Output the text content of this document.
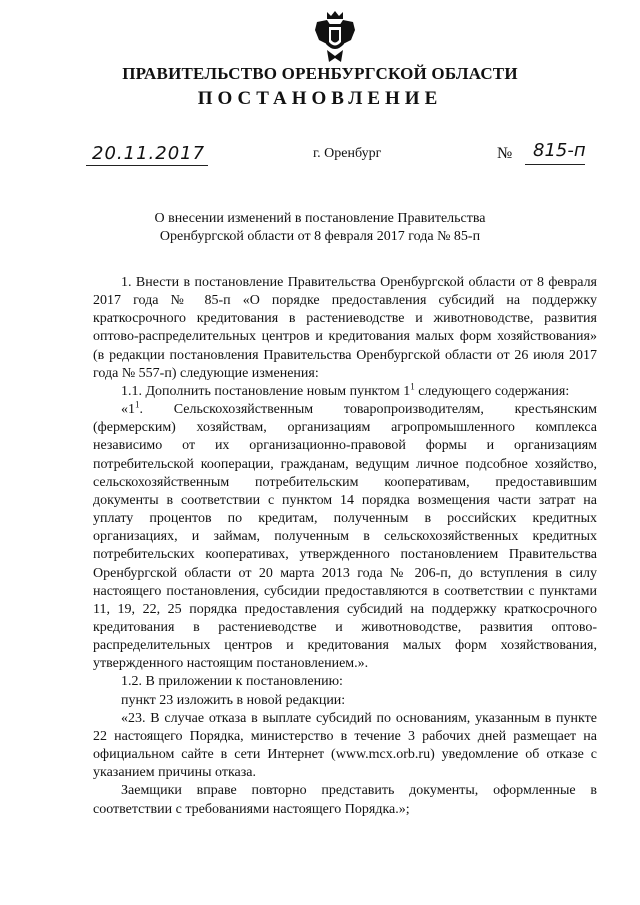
ПРАВИТЕЛЬСТВО ОРЕНБУРГСКОЙ ОБЛАСТИ
ПОСТАНОВЛЕНИЕ
20.11.2017	г. Оренбург	№ 815-п
О внесении изменений в постановление Правительства
Оренбургской области от 8 февраля 2017 года № 85-п

1. Внести в постановление Правительства Оренбургской области от 8 февраля 2017 года № 85-п «О порядке предоставления субсидий на поддержку краткосрочного кредитования в растениеводстве и животноводстве, развития оптово-распределительных центров и кредитования малых форм хозяйствования» (в редакции постановления Правительства Оренбургской области от 26 июля 2017 года № 557-п) следующие изменения:

1.1. Дополнить постановление новым пунктом $1^1$ следующего содержания:

«$1^1$. Сельскохозяйственным товаропроизводителям, крестьянским (фермерским) хозяйствам, организациям агропромышленного комплекса независимо от их организационно-правовой формы и организациям потребительской кооперации, гражданам, ведущим личное подсобное хозяйство, сельскохозяйственным потребительским кооперативам, предоставившим документы в соответствии с пунктом 14 порядка возмещения части затрат на уплату процентов по кредитам, полученным в российских кредитных организациях, и займам, полученным в сельскохозяйственных кредитных потребительских кооперативах, утвержденного постановлением Правительства Оренбургской области от 20 марта 2013 года № 206-п, до вступления в силу настоящего постановления, субсидии предоставляются в соответствии с пунктами 11, 19, 22, 25 порядка предоставления субсидий на поддержку краткосрочного кредитования в растениеводстве и животноводстве, развития оптово-распределительных центров и кредитования малых форм хозяйствования, утвержденного настоящим постановлением.».

1.2. В приложении к постановлению:

пункт 23 изложить в новой редакции:

«23. В случае отказа в выплате субсидий по основаниям, указанным в пункте 22 настоящего Порядка, министерство в течение 3 рабочих дней размещает на официальном сайте в сети Интернет (www.mcx.orb.ru) уведомление об отказе с указанием причины отказа.

Заемщики вправе повторно представить документы, оформленные в соответствии с требованиями настоящего Порядка.»;
